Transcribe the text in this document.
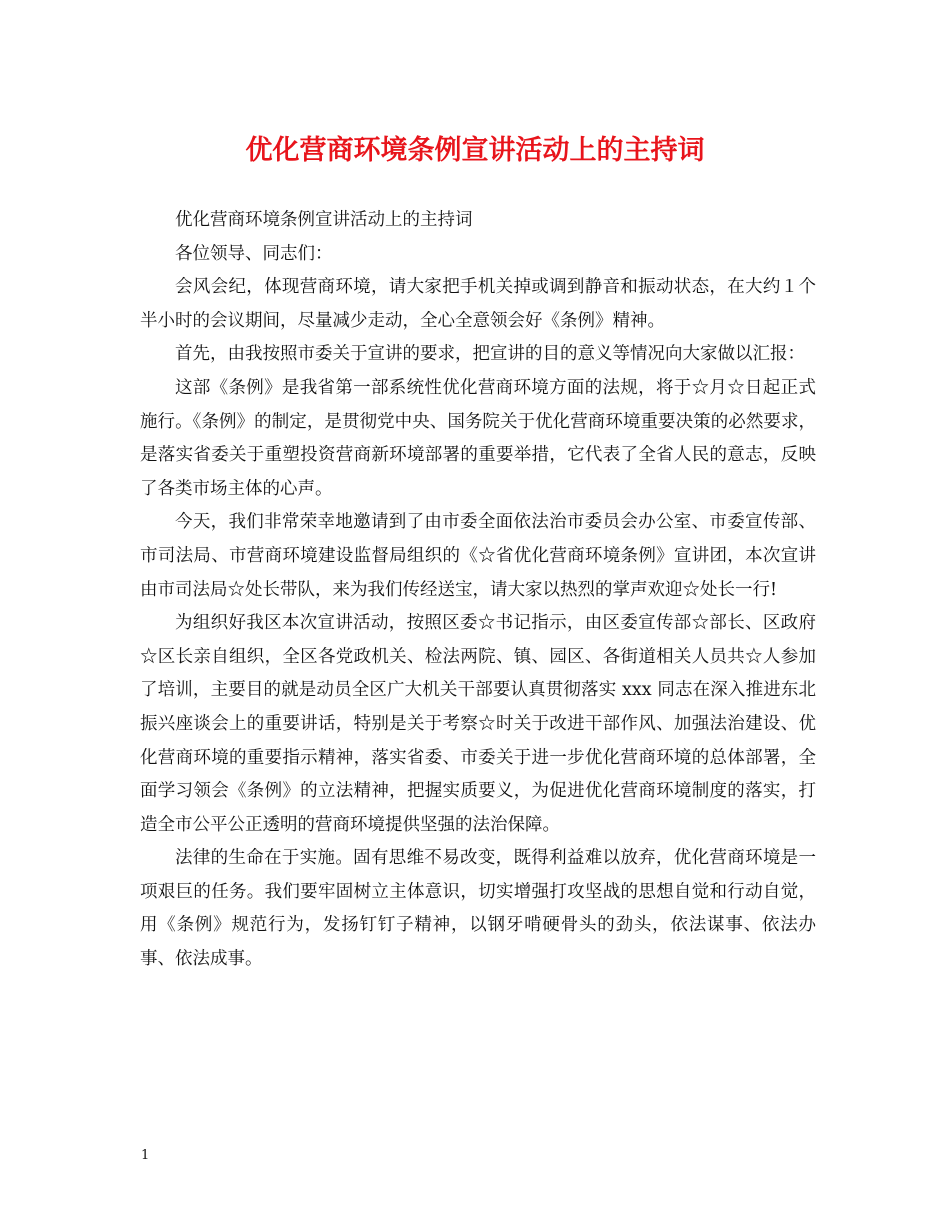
优化营商环境条例宣讲活动上的主持词

优化营商环境条例宣讲活动上的主持词

各位领导、同志们：

会风会纪，体现营商环境，请大家把手机关掉或调到静音和振动状态，在大约１个半小时的会议期间，尽量减少走动，全心全意领会好《条例》精神。

首先，由我按照市委关于宣讲的要求，把宣讲的目的意义等情况向大家做以汇报：

这部《条例》是我省第一部系统性优化营商环境方面的法规，将于☆月☆日起正式施行。《条例》的制定，是贯彻党中央、国务院关于优化营商环境重要决策的必然要求，是落实省委关于重塑投资营商新环境部署的重要举措，它代表了全省人民的意志，反映了各类市场主体的心声。

今天，我们非常荣幸地邀请到了由市委全面依法治市委员会办公室、市委宣传部、市司法局、市营商环境建设监督局组织的《☆省优化营商环境条例》宣讲团，本次宣讲由市司法局☆处长带队，来为我们传经送宝，请大家以热烈的掌声欢迎☆处长一行!

为组织好我区本次宣讲活动，按照区委☆书记指示，由区委宣传部☆部长、区政府☆区长亲自组织，全区各党政机关、检法两院、镇、园区、各街道相关人员共☆人参加了培训，主要目的就是动员全区广大机关干部要认真贯彻落实 xxx 同志在深入推进东北振兴座谈会上的重要讲话，特别是关于考察☆时关于改进干部作风、加强法治建设、优化营商环境的重要指示精神，落实省委、市委关于进一步优化营商环境的总体部署，全面学习领会《条例》的立法精神，把握实质要义，为促进优化营商环境制度的落实，打造全市公平公正透明的营商环境提供坚强的法治保障。

法律的生命在于实施。固有思维不易改变，既得利益难以放弃，优化营商环境是一项艰巨的任务。我们要牢固树立主体意识，切实增强打攻坚战的思想自觉和行动自觉，用《条例》规范行为，发扬钉钉子精神，以钢牙啃硬骨头的劲头，依法谋事、依法办事、依法成事。

1
